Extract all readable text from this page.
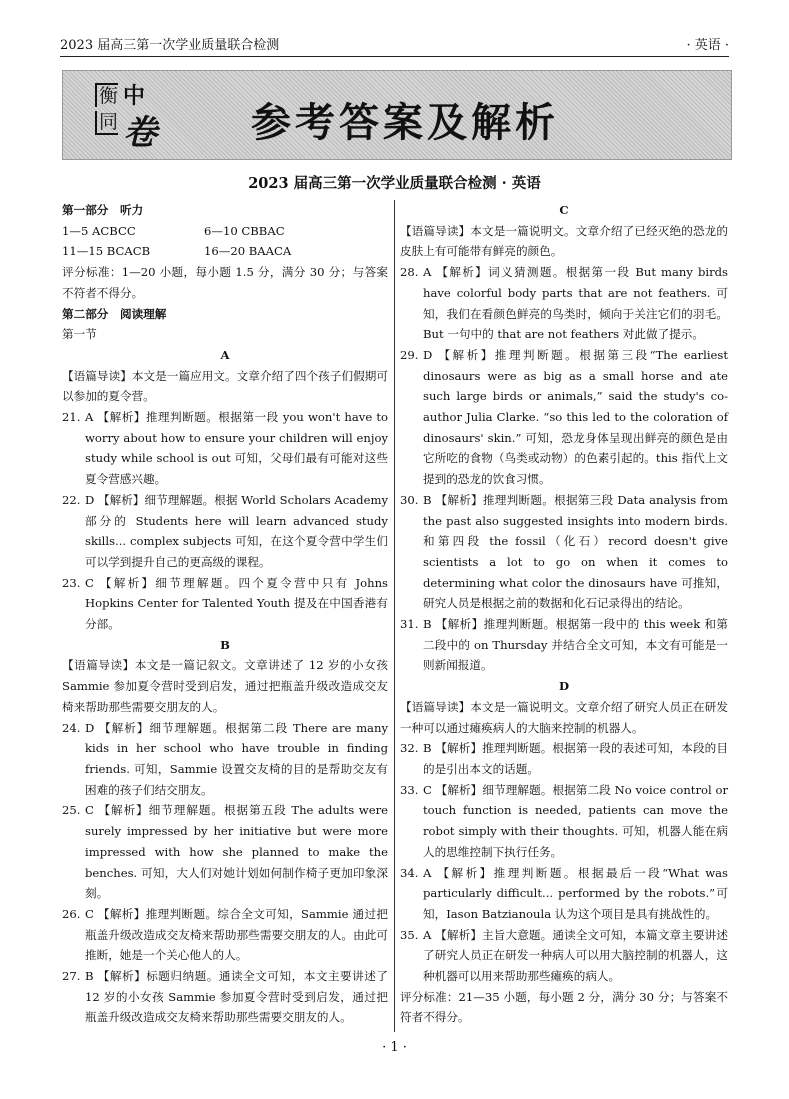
2023 届高三第一次学业质量联合检测	· 英语 ·
衡 中
同 卷 参考答案及解析
2023 届高三第一次学业质量联合检测 · 英语
第一部分　听力
1—5 ACBCC	6—10 CBBAC
11—15 BCACB	16—20 BAACA
评分标准：1—20 小题，每小题 1.5 分，满分 30 分；与答案不符者不得分。
第二部分　阅读理解
第一节
A
【语篇导读】本文是一篇应用文。文章介绍了四个孩子们假期可以参加的夏令营。
21. A 【解析】推理判断题。根据第一段 you won't have to worry about how to ensure your children will enjoy study while school is out 可知，父母们最有可能对这些夏令营感兴趣。
22. D 【解析】细节理解题。根据 World Scholars Academy 部分的 Students here will learn advanced study skills... complex subjects 可知，在这个夏令营中学生们可以学到提升自己的更高级的课程。
23. C 【解析】细节理解题。四个夏令营中只有 Johns Hopkins Center for Talented Youth 提及在中国香港有分部。
B
【语篇导读】本文是一篇记叙文。文章讲述了 12 岁的小女孩 Sammie 参加夏令营时受到启发，通过把瓶盖升级改造成交友椅来帮助那些需要交朋友的人。
24. D 【解析】细节理解题。根据第二段 There are many kids in her school who have trouble in finding friends. 可知，Sammie 设置交友椅的目的是帮助交友有困难的孩子们结交朋友。
25. C 【解析】细节理解题。根据第五段 The adults were surely impressed by her initiative but were more impressed with how she planned to make the benches. 可知，大人们对她计划如何制作椅子更加印象深刻。
26. C 【解析】推理判断题。综合全文可知，Sammie 通过把瓶盖升级改造成交友椅来帮助那些需要交朋友的人。由此可推断，她是一个关心他人的人。
27. B 【解析】标题归纳题。通读全文可知，本文主要讲述了 12 岁的小女孩 Sammie 参加夏令营时受到启发，通过把瓶盖升级改造成交友椅来帮助那些需要交朋友的人。
C
【语篇导读】本文是一篇说明文。文章介绍了已经灭绝的恐龙的皮肤上有可能带有鲜亮的颜色。
28. A 【解析】词义猜测题。根据第一段 But many birds have colorful body parts that are not feathers. 可知，我们在看颜色鲜亮的鸟类时，倾向于关注它们的羽毛。But 一句中的 that are not feathers 对此做了提示。
29. D 【解析】推理判断题。根据第三段“The earliest dinosaurs were as big as a small horse and ate such large birds or animals,” said the study's co-author Julia Clarke. “so this led to the coloration of dinosaurs' skin.” 可知，恐龙身体呈现出鲜亮的颜色是由它所吃的食物（鸟类或动物）的色素引起的。this 指代上文提到的恐龙的饮食习惯。
30. B 【解析】推理判断题。根据第三段 Data analysis from the past also suggested insights into modern birds. 和第四段 the fossil（化石）record doesn't give scientists a lot to go on when it comes to determining what color the dinosaurs have 可推知，研究人员是根据之前的数据和化石记录得出的结论。
31. B 【解析】推理判断题。根据第一段中的 this week 和第二段中的 on Thursday 并结合全文可知，本文有可能是一则新闻报道。
D
【语篇导读】本文是一篇说明文。文章介绍了研究人员正在研发一种可以通过瘫痪病人的大脑来控制的机器人。
32. B 【解析】推理判断题。根据第一段的表述可知，本段的目的是引出本文的话题。
33. C 【解析】细节理解题。根据第二段 No voice control or touch function is needed, patients can move the robot simply with their thoughts. 可知，机器人能在病人的思维控制下执行任务。
34. A 【解析】推理判断题。根据最后一段“What was particularly difficult... performed by the robots.”可知，Iason Batzianoula 认为这个项目是具有挑战性的。
35. A 【解析】主旨大意题。通读全文可知，本篇文章主要讲述了研究人员正在研发一种病人可以用大脑控制的机器人，这种机器可以用来帮助那些瘫痪的病人。
评分标准：21—35 小题，每小题 2 分，满分 30 分；与答案不符者不得分。
· 1 ·
